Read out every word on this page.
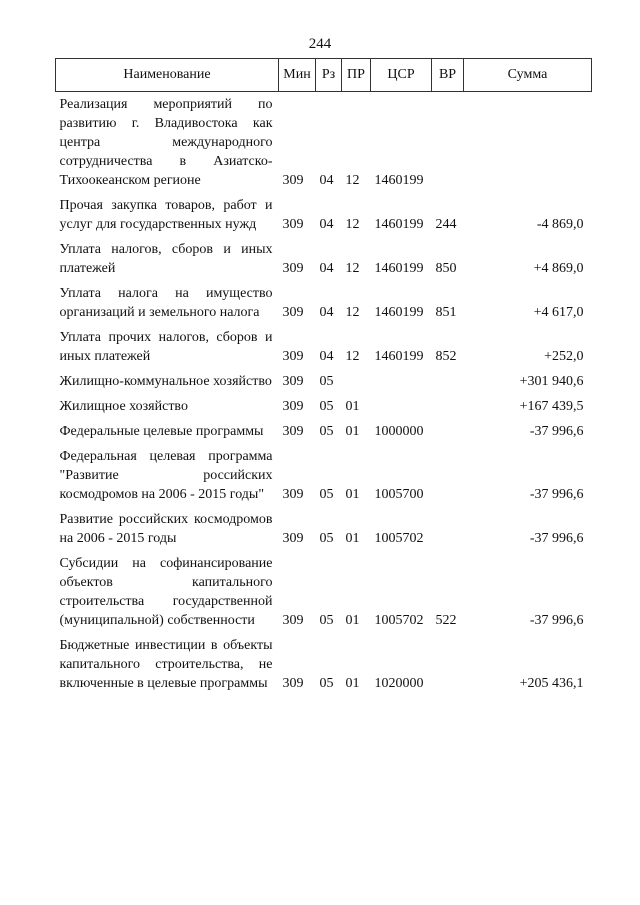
244
Наименование	Мин	Рз	ПР	ЦСР	ВР	Сумма

Реализация мероприятий по развитию г. Владивостока как центра международного сотрудничества в Азиатско-Тихоокеанском регионе	309	04	12	1460199		

Прочая закупка товаров, работ и услуг для государственных нужд	309	04	12	1460199	244	-4 869,0

Уплата налогов, сборов и иных платежей	309	04	12	1460199	850	+4 869,0

Уплата налога на имущество организаций и земельного налога	309	04	12	1460199	851	+4 617,0

Уплата прочих налогов, сборов и иных платежей	309	04	12	1460199	852	+252,0

Жилищно-коммунальное хозяйство	309	05				+301 940,6

Жилищное хозяйство	309	05	01			+167 439,5

Федеральные целевые программы	309	05	01	1000000		-37 996,6

Федеральная целевая программа "Развитие российских космодромов на 2006 - 2015 годы"	309	05	01	1005700		-37 996,6

Развитие российских космодромов на 2006 - 2015 годы	309	05	01	1005702		-37 996,6

Субсидии на софинансирование объектов капитального строительства государственной (муниципальной) собственности	309	05	01	1005702	522	-37 996,6

Бюджетные инвестиции в объекты капитального строительства, не включенные в целевые программы	309	05	01	1020000		+205 436,1
